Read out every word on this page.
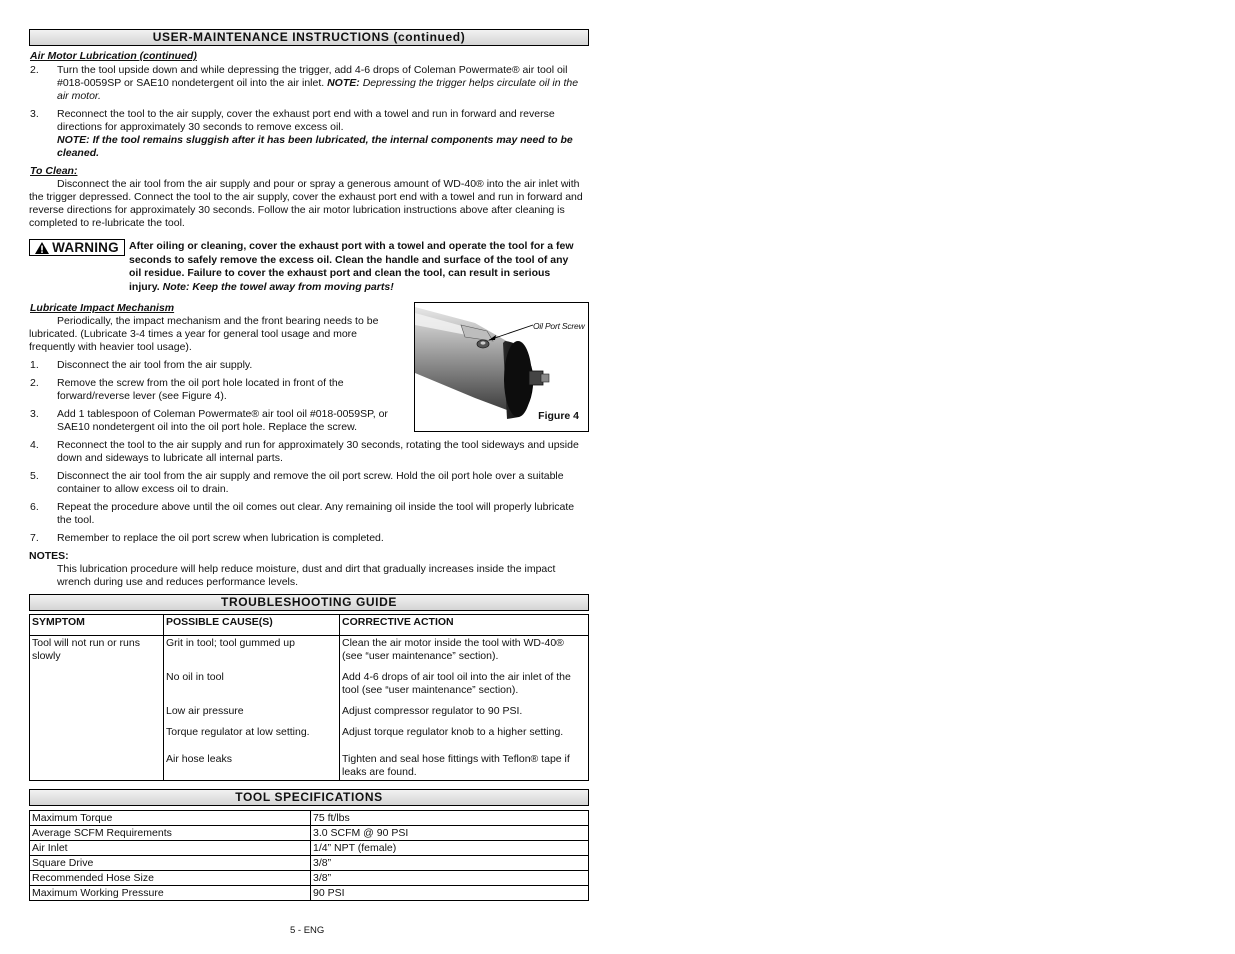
USER-MAINTENANCE INSTRUCTIONS (continued)
Air Motor Lubrication (continued)
2. Turn the tool upside down and while depressing the trigger, add 4-6 drops of Coleman Powermate® air tool oil #018-0059SP or SAE10 nondetergent oil into the air inlet. NOTE: Depressing the trigger helps circulate oil in the air motor.
3. Reconnect the tool to the air supply, cover the exhaust port end with a towel and run in forward and reverse directions for approximately 30 seconds to remove excess oil.
NOTE: If the tool remains sluggish after it has been lubricated, the internal components may need to be cleaned.
To Clean:
Disconnect the air tool from the air supply and pour or spray a generous amount of WD-40® into the air inlet with the trigger depressed. Connect the tool to the air supply, cover the exhaust port end with a towel and run in forward and reverse directions for approximately 30 seconds. Follow the air motor lubrication instructions above after cleaning is completed to re-lubricate the tool.
WARNING After oiling or cleaning, cover the exhaust port with a towel and operate the tool for a few seconds to safely remove the excess oil. Clean the handle and surface of the tool of any oil residue. Failure to cover the exhaust port and clean the tool, can result in serious injury. Note: Keep the towel away from moving parts!
Oil Port Screw
Figure 4
Lubricate Impact Mechanism
Periodically, the impact mechanism and the front bearing needs to be lubricated. (Lubricate 3-4 times a year for general tool usage and more frequently with heavier tool usage).
1. Disconnect the air tool from the air supply.
2. Remove the screw from the oil port hole located in front of the forward/reverse lever (see Figure 4).
3. Add 1 tablespoon of Coleman Powermate® air tool oil #018-0059SP, or SAE10 nondetergent oil into the oil port hole. Replace the screw.
4. Reconnect the tool to the air supply and run for approximately 30 seconds, rotating the tool sideways and upside down and sideways to lubricate all internal parts.
5. Disconnect the air tool from the air supply and remove the oil port screw. Hold the oil port hole over a suitable container to allow excess oil to drain.
6. Repeat the procedure above until the oil comes out clear. Any remaining oil inside the tool will properly lubricate the tool.
7. Remember to replace the oil port screw when lubrication is completed.
NOTES:
This lubrication procedure will help reduce moisture, dust and dirt that gradually increases inside the impact wrench during use and reduces performance levels.
TROUBLESHOOTING GUIDE
SYMPTOM	POSSIBLE CAUSE(S)	CORRECTIVE ACTION
Tool will not run or runs slowly	Grit in tool; tool gummed up	Clean the air motor inside the tool with WD-40® (see “user maintenance” section).
	No oil in tool	Add 4-6 drops of air tool oil into the air inlet of the tool (see “user maintenance” section).
	Low air pressure	Adjust compressor regulator to 90 PSI.
	Torque regulator at low setting.	Adjust torque regulator knob to a higher setting.
	Air hose leaks	Tighten and seal hose fittings with Teflon® tape if leaks are found.
TOOL SPECIFICATIONS
Maximum Torque	75 ft/lbs
Average SCFM Requirements	3.0 SCFM @ 90 PSI
Air Inlet	1/4” NPT (female)
Square Drive	3/8”
Recommended Hose Size	3/8”
Maximum Working Pressure	90 PSI
5 - ENG
